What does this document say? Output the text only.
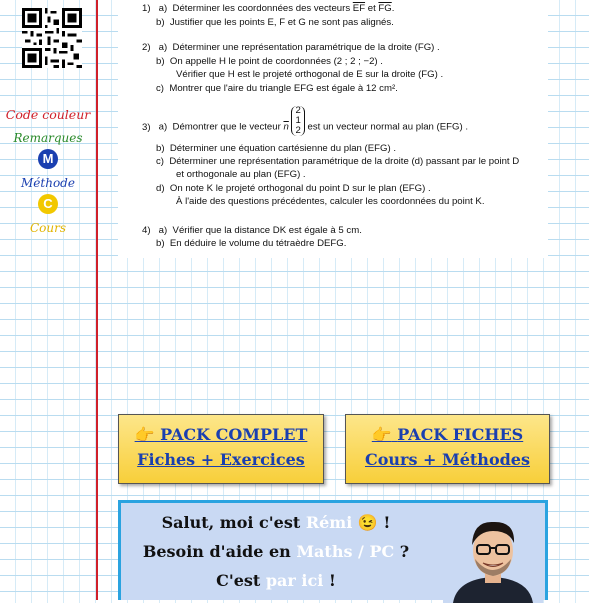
Code couleur
Remarques
M
Méthode
C
Cours
1) a) Déterminer les coordonnées des vecteurs $\overline{EF}$ et $\overline{FG}$.
b) Justifier que les points E, F et G ne sont pas alignés.
2) a) Déterminer une représentation paramétrique de la droite (FG) .
b) On appelle H le point de coordonnées (2 ; 2 ; −2) .
Vérifier que H est le projeté orthogonal de E sur la droite (FG) .
c) Montrer que l'aire du triangle EFG est égale à 12 cm².
3) a) Démontrer que le vecteur $\overline{n}$
2
1
2 est un vecteur normal au plan (EFG) .
b) Déterminer une équation cartésienne du plan (EFG) .
c) Déterminer une représentation paramétrique de la droite (d) passant par le point D
et orthogonale au plan (EFG) .
d) On note K le projeté orthogonal du point D sur le plan (EFG) .
À l'aide des questions précédentes, calculer les coordonnées du point K.
4) a) Vérifier que la distance DK est égale à 5 cm.
b) En déduire le volume du tétraèdre DEFG.
👉 PACK COMPLET
Fiches + Exercices
👉 PACK FICHES
Cours + Méthodes
Salut, moi c'est Rémi 😉 !
Besoin d'aide en Maths / PC ?
C'est par ici !
